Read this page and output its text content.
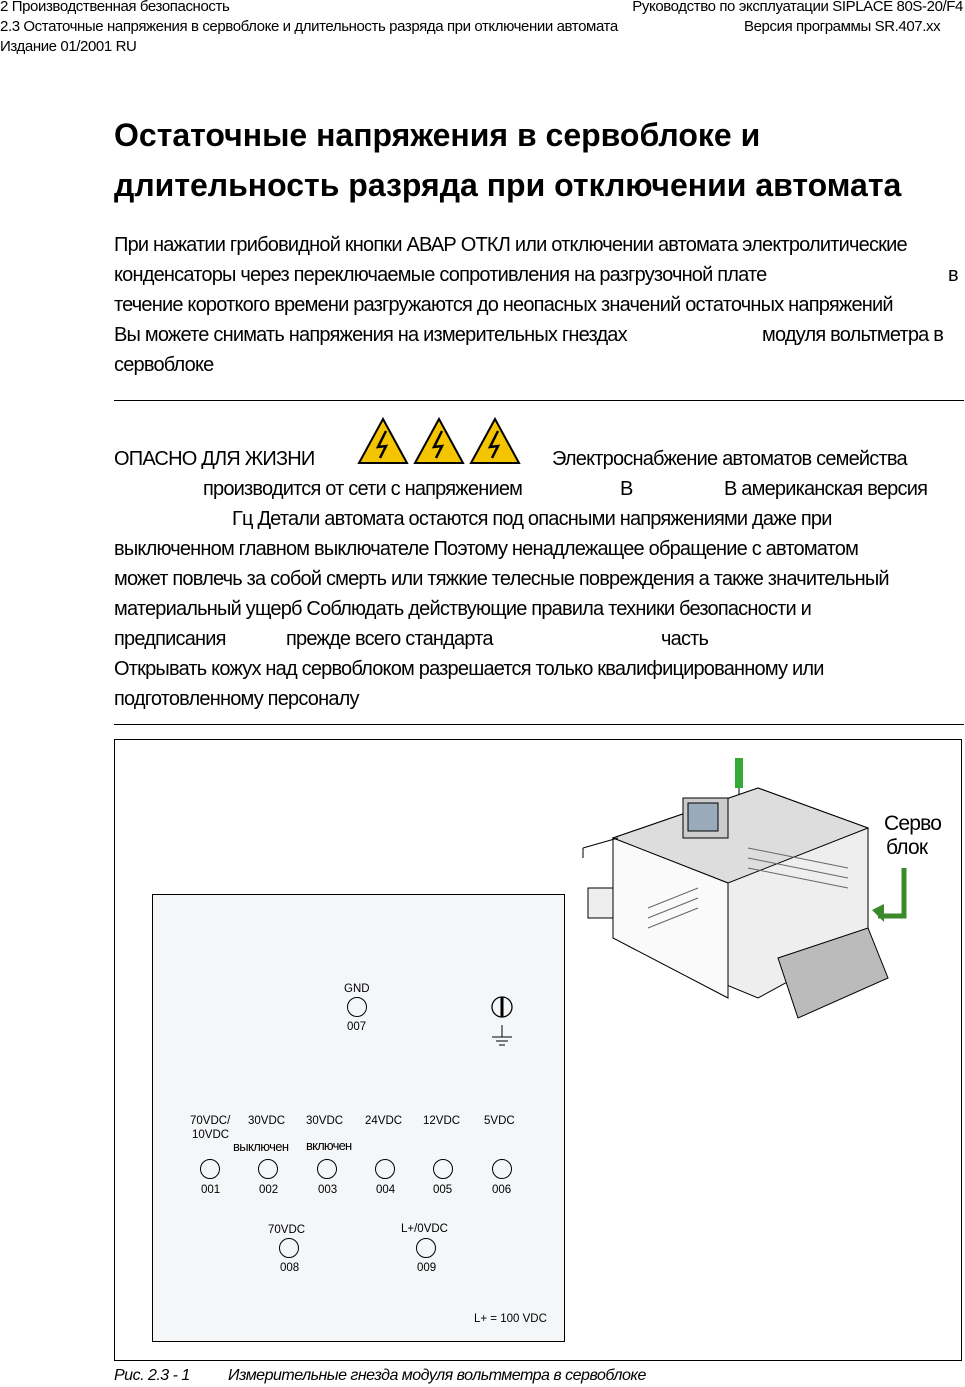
2 Производственная безопасность	Руководство по эксплуатации SIPLACE 80S-20/F4
2.3 Остаточные напряжения в сервоблоке и длительность разряда при отключении автомата	Версия программы SR.407.xx
Издание 01/2001 RU
Остаточные напряжения в сервоблоке и
длительность разряда при отключении автомата
При нажатии грибовидной кнопки АВАР ОТКЛ или отключении автомата электролитические
конденсаторы через переключаемые сопротивления на разгрузочной плате	в
течение короткого времени разгружаются до неопасных значений остаточных напряжений
Вы можете снимать напряжения на измерительных гнездах	модуля вольтметра в
сервоблоке
ОПАСНО ДЛЯ ЖИЗНИ	Электроснабжение автоматов семейства
производится от сети с напряжением	В	В американская версия
Гц Детали автомата остаются под опасными напряжениями даже при
выключенном главном выключателе Поэтому ненадлежащее обращение с автоматом
может повлечь за собой смерть или тяжкие телесные повреждения а также значительный
материальный ущерб Соблюдать действующие правила техники безопасности и
предписания	прежде всего стандарта	часть
Открывать кожух над сервоблоком разрешается только квалифицированному или
подготовленному персоналу
Серво
блок
GND
007
70VDC/
10VDC
30VDC
выключен
30VDC
включен
24VDC 12VDC 5VDC
001	002	003	004	005	006
70VDC
008
L+/0VDC
009
L+ = 100 VDC
Рис. 2.3 - 1 Измерительные гнезда модуля вольтметра в сервоблоке
